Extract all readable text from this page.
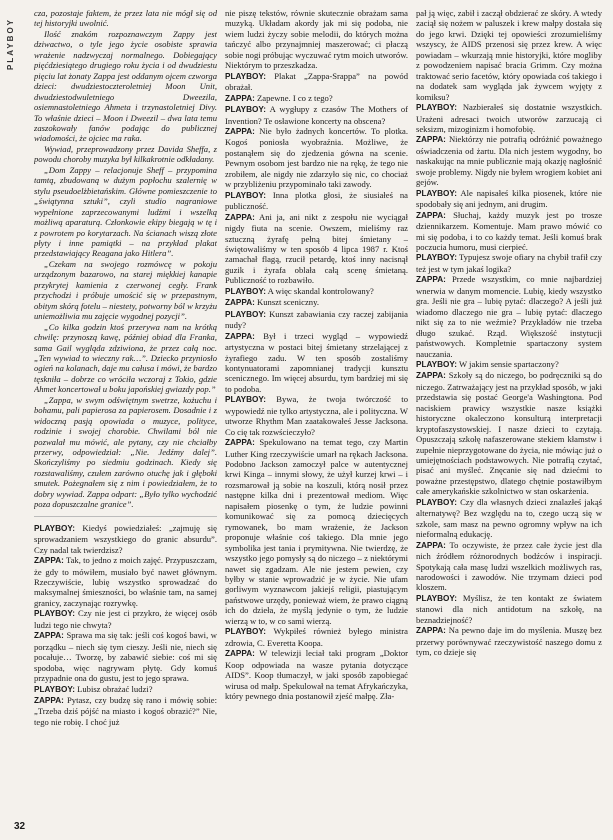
PLAYBOY
32

cza, pozostaje faktem, że przez lata nie mógł się od tej historyjki uwolnić.

Ilość znakóm rozpoznawczym Zappy jest dziwactwo, o tyle jego życie osobiste sprawia wrażenie nadzwyczaj normalnego. Dobiegający pięćdziesiątego drugiego roku życia i od dwudziestu pięciu lat żonaty Zappa jest oddanym ojcem czworga dzieci: dwudziestoczteroletniej Moon Unit, dwudziestodwuletniego Dweezila, osiemnastoletniego Ahmeta i trzynastoletniej Divy. To właśnie dzieci – Moon i Dweezil – dwa lata temu zaszokowały fanów podając do publicznej wiadomości, że ojciec ma raka.

Wywiad, przeprowadzony przez Davida Sheffa, z powodu choroby muzyka był kilkakrotnie odkładany.

„Dom Zappy – relacjonuje Sheff – przypomina tamtą, zbudowaną w dużym popłochu szalernię w stylu pseudoelżbietańskim. Główne pomieszczenie to „świątynna sztuki”, czyli studio nagraniowe wypełnione zaprzecowanymi ludźmi i wszelką możliwą aparaturą. Członkowie ekipy biegają w tę i z powrotem po korytarzach. Na ścianach wiszą złote płyty i inne pamiątki – na przykład plakat przedstawiający Reagana jako Hitlera”.

„Czekam na swojego rozmówcę w pokoju urządzonym bazarowo, na starej miękkiej kanapie przykrytej kamienia z czerwonej cegły. Frank przychodzi i próbuje umościć się w przepastnym, obitym skórą fotelu – niestety, potworny ból w krzyżu uniemożliwia mu zajęcie wygodnej pozycji”.

„Co kilka godzin ktoś przerywa nam na krótką chwilę: przynoszą kawę, później obiad dla Franka, sama Gail wygląda zdziwiona, że przez całą noc. „Ten wywiad to wieczny rak…”. Dziecko przyniosło ogień na kolanach, daje mu całusa i mówi, że bardzo tęskniła – dobrze co wróciła wczoraj z Tokio, gdzie Ahmet koncertował u boku japońskiej gwiazdy pop.”

„Zappa, w swym odświętnym swetrze, kożuchu i bohamu, pali papierosa za papierosem. Dosadnie i z widoczną pasją opowiada o muzyce, polityce, rodzinie i swojej chorobie. Chwilami ból nie pozwalał mu mówić, ale pytany, czy nie chciałby przerwy, odpowiedział: „Nie. Jedźmy dalej”. Skończyliśmy po siedmiu godzinach. Kiedy się rozstawaliśmy, czułem zarówno otuchę jak i głęboki smutek. Pożegnałem się z nim i powiedziałem, że to dobry wywiad. Zappa odpart: „Było tylko wychodzić poza dopuszczalne granice”.

PLAYBOY: Kiedyś powiedziałeś: „zajmuję się sprowadzaniem wszystkiego do granic absurdu”. Czy nadal tak twierdzisz?

ZAPPA: Tak, to jedno z moich zajęć. Przypuszczam, że gdy to mówiłem, musiało być nawet głównym. Rzeczywiście, lubię wszystko sprowadzać do maksymalnej śmieszności, bo właśnie tam, na samej granicy, zaczynając rozrywkę.

PLAYBOY: Czy nie jest ci przykro, że więcej osób ludzi tego nie chwyta?

ZAPPA: Sprawa ma się tak: jeśli coś kogoś bawi, w porządku – niech się tym cieszy. Jeśli nie, niech się pocałuje… Tworzę, by zabawić siebie: coś mi się spodoba, więc nagrywam płytę. Gdy komuś przypadnie ona do gustu, jest to jego sprawa.

PLAYBOY: Lubisz obrażać ludzi?

ZAPPA: Pytasz, czy budzę się rano i mówię sobie: „Trzeba dziś pójść na miasto i kogoś obrazić?” Nie, tego nie robię. I choć już

nie piszę tekstów, równie skutecznie obrażam sama muzyką. Układam akordy jak mi się podoba, nie wiem ludzi życzy sobie melodii, do których można tańczyć albo przynajmniej maszerować; ci płaczą sobie nogi próbując wyczuwać rytm moich utworów. Niektórym to przeszkadza.

PLAYBOY: Plakat „Zappa-Srappa” na powód obrażał.

ZAPPA: Zapewne. I co z tego?

PLAYBOY: A wygłupy z czasów The Mothers of Invention? Te osławione koncerty na obscena?

ZAPPA: Nie było żadnych koncertów. To plotka. Kogoś poniosła wyobraźnia. Możliwe, że postanąłem się do zjedzenia gówna na scenie. Pewnym osobom jest bardzo nie na rękę, że tego nie zrobiłem, ale nigdy nie zdarzyło się nic, co chociaż w przybliżeniu przypominało taki zawody.

PLAYBOY: Inna plotka głosi, że siusiałeś na publiczność.

ZAPPA: Ani ja, ani nikt z zespołu nie wyciągał nigdy fiuta na scenie. Owszem, mieliśmy raz sztuczną żyrafę pełną bitej śmietany – świętowaliśmy w ten sposób 4 lipca 1987 r. Ktoś zamachał flagą, rzucił petardę, ktoś inny nacisnął guzik i żyrafa oblała całą scenę śmietaną. Publiczność to rozbawiło.

PLAYBOY: A więc skandal kontrolowany?

ZAPPA: Kunszt sceniczny.

PLAYBOY: Kunszt zabawiania czy raczej zabijania nudy?

ZAPPA: Był i trzeci wygląd – wypowiedź artystyczna w postaci bitej śmietany strzelającej z żyrafiego zadu. W ten sposób zostaliśmy kontynuatorami zapomnianej tradycji kunsztu scenicznego. Im więcej absurdu, tym bardziej mi się to podoba.

PLAYBOY: Bywa, że twoja twórczość to wypowiedź nie tylko artystyczna, ale i polityczna. W utworze Rhythm Man zaatakowałeś Jesse Jacksona. Co cię tak rozwścieczyło?

ZAPPA: Spekulowano na temat tego, czy Martin Luther King rzeczywiście umarł na rękach Jacksona. Podobno Jackson zamoczył palce w autentycznej krwi Kinga – innymi słowy, że użył kurzej krwi – i rozsmarował ją sobie na koszuli, którą nosił przez następne kilka dni i prezentował mediom. Więc napisałem piosenkę o tym, że ludzie powinni komunikować się za pomocą dziecięcych rymowanek, bo mam wrażenie, że Jackson proponuje właśnie coś takiego. Dla mnie jego symbolika jest tania i prymitywna. Nie twierdzę, że wszystko jego pomysły są do niczego – z niektórymi nawet się zgadzam. Ale nie jestem pewien, czy byłby w stanie wprowadzić je w życie. Nie ufam gorliwym wyznawcom jakiejś religii, piastującym państwowe urzędy, ponieważ wiem, że prawo ciągną ich do dzieła, że myślą jedynie o tym, że ludzie wierzą w to, w co sami wierzą.

PLAYBOY: Wykpiłeś również byłego ministra zdrowia, C. Everetta Koopa.

ZAPPA: W telewizji leciał taki program „Doktor Koop odpowiada na wasze pytania dotyczące AIDS”. Koop tłumaczył, w jaki sposób zapobiegać wirusa od małp. Spekulował na temat Afrykańczyka, który pewnego dnia postanowił zjeść małpę. Zła-

pał ją więc, zabił i zaczął obdzierać ze skóry. A wtedy zaciął się nożem w paluszek i krew małpy dostała się do jego krwi. Dzięki tej opowieści zrozumieliśmy wszyscy, że AIDS przenosi się przez krew. A więc powiadam – wkurzają mnie historyjki, które mogliby z powodzeniem napisać bracia Grimm. Czy można traktować serio facetów, który opowiada coś takiego i na dodatek sam wygląda jak żywcem wyjęty z komiksu?

PLAYBOY: Nazbierałeś się dostatnie wszystkich. Urażeni adresaci twoich utworów zarzucają ci seksizm, mizoginizm i homofobię.

ZAPPA: Niektórzy nie potrafią odróżnić poważnego oświadczenia od żartu. Dla nich jestem wygodny, bo naskakując na mnie publicznie mają okazję nagłośnić swoje problemy. Nigdy nie byłem wrogiem kobiet ani gejów.

PLAYBOY: Ale napisałeś kilka piosenek, które nie spodobały się ani jednym, ani drugim.

ZAPPA: Słuchaj, każdy muzyk jest po trosze dziennikarzem. Komentuje. Mam prawo mówić co mi się podoba, i to co każdy temat. Jeśli komuś brak poczucia humoru, musi cierpieć.

PLAYBOY: Typujesz swoje ofiary na chybił trafił czy też jest w tym jakaś logika?

ZAPPA: Przede wszystkim, co mnie najbardziej wnerwia w danym momencie. Lubię, kiedy wszystko gra. Jeśli nie gra – lubię pytać: dlaczego? A jeśli już wiadomo dlaczego nie gra – lubię pytać: dlaczego nikt się za to nie weźmie? Przykładów nie trzeba długo szukać. Rząd. Większość instytucji państwowych. Kompletnie spartaczony system nauczania.

PLAYBOY: W jakim sensie spartaczony?

ZAPPA: Szkoły są do niczego, bo podręczniki są do niczego. Zatrważający jest na przykład sposób, w jaki przedstawia się postać George'a Washingtona. Pod naciskiem prawicy wszystkie nasze książki historyczne okaleczono konsulturą interpretacji kryptofaszystowskiej. I nasze dzieci to czytają. Opuszczają szkołę nafaszerowane stekiem kłamstw i zupełnie nieprzygotowane do życia, nie mówiąc już o umiejętnościach podstawowych. Nie potrafią czytać, pisać ani myśleć. Znęcanie się nad dziećmi to poważne przestępstwo, dlatego chętnie postawiłbym całe amerykańskie szkolnictwo w stan oskarżenia.

PLAYBOY: Czy dla własnych dzieci znalazłeś jakąś alternatywę? Bez względu na to, czego uczą się w szkole, sam masz na pewno ogromny wpływ na ich nieformalną edukację.

ZAPPA: To oczywiste, że przez całe życie jest dla nich źródłem różnorodnych bodźców i inspiracji. Spotykają cała masę ludzi wszelkich możliwych ras, narodowości i zawodów. Nie trzymam dzieci pod kloszem.

PLAYBOY: Myślisz, że ten kontakt ze światem stanowi dla nich antidotum na szkołę, na beznadziejność?

ZAPPA: Na pewno daje im do myślenia. Muszę bez przerwy porównywać rzeczywistość naszego domu z tym, co dzieje się
